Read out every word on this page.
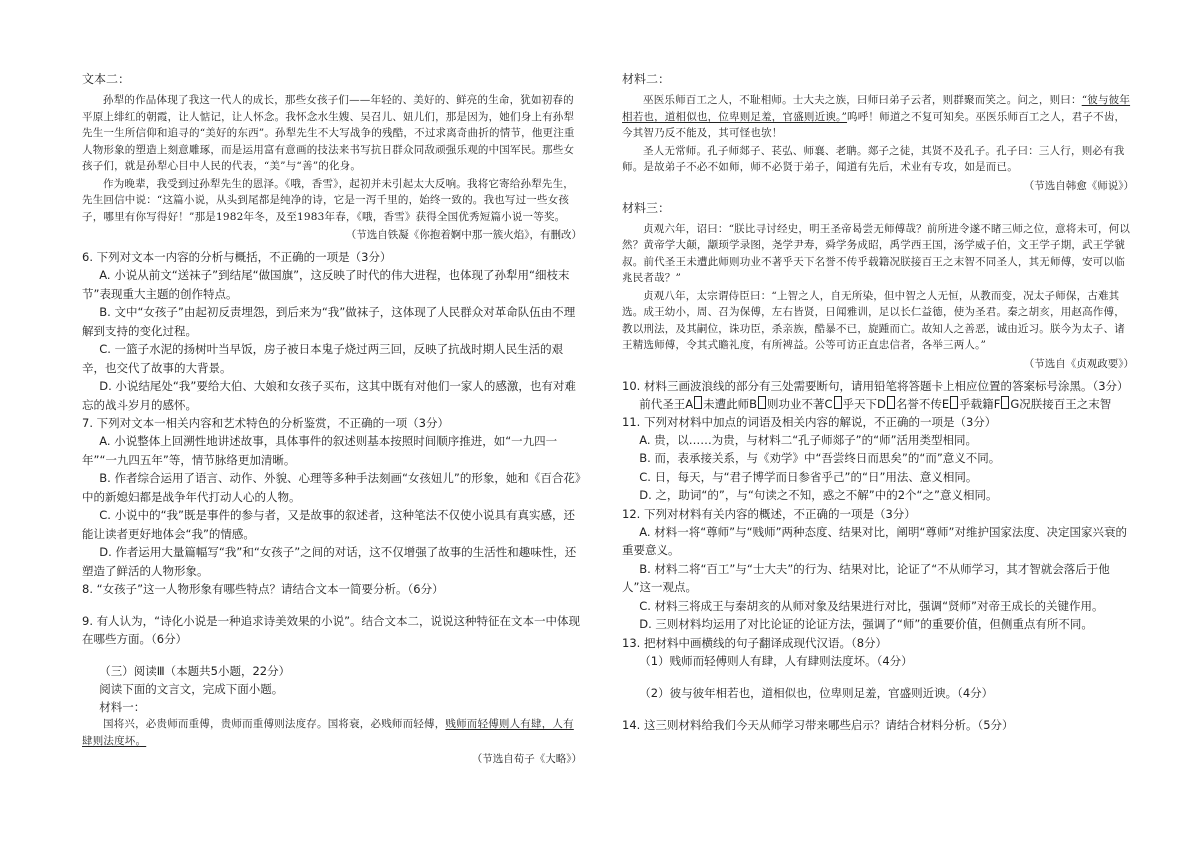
文本二：

孙犁的作品体现了我这一代人的成长，那些女孩子们——年轻的、美好的、鲜亮的生命，犹如初春的平原上绯红的朝霞，让人惦记，让人怀念。我怀念水生嫂、吴召儿、妞儿们，那是因为，她们身上有孙犁先生一生所信仰和追寻的“美好的东西”。孙犁先生不大写战争的残酷，不过求离奇曲折的情节，他更注重人物形象的塑造上刻意雕琢，而是运用富有意画的技法来书写抗日群众同敌顽强乐观的中国军民。那些女孩子们，就是孙犁心目中人民的代表，“美”与“善”的化身。

作为晚辈，我受到过孙犁先生的恩泽。《哦，香雪》，起初并未引起太大反响。我将它寄给孙犁先生，先生回信中说：“这篇小说，从头到尾都是纯净的诗，它是一泻千里的，始终一致的。我也写过一些女孩子，哪里有你写得好！”那是1982年冬，及至1983年春，《哦，香雪》获得全国优秀短篇小说一等奖。

（节选自铁凝《你抱着婀中那一簇火焰》，有删改）

6. 下列对文本一内容的分析与概括，不正确的一项是（3分）

A. 小说从前文“送袜子”到结尾“做国旗”，这反映了时代的伟大进程，也体现了孙犁用“细枝末节”表现重大主题的创作特点。

B. 文中“女孩子”由起初反责埋怨，到后来为“我”做袜子，这体现了人民群众对革命队伍由不理解到支持的变化过程。

C. 一篮子水泥的扬树叶当早饭，房子被日本鬼子烧过两三回，反映了抗战时期人民生活的艰辛，也交代了故事的大背景。

D. 小说结尾处“我”要给大伯、大娘和女孩子买布，这其中既有对他们一家人的感激，也有对难忘的战斗岁月的感怀。

7. 下列对文本一相关内容和艺术特色的分析鉴赏，不正确的一项（3分）

A. 小说整体上回溯性地讲述故事，具体事件的叙述则基本按照时间顺序推进，如“一九四一年”“一九四五年”等，情节脉络更加清晰。

B. 作者综合运用了语言、动作、外貌、心理等多种手法刻画“女孩妞儿”的形象，她和《百合花》中的新媳妇都是战争年代打动人心的人物。

C. 小说中的“我”既是事件的参与者，又是故事的叙述者，这种笔法不仅使小说具有真实感，还能让读者更好地体会“我”的情感。

D. 作者运用大量篇幅写“我”和“女孩子”之间的对话，这不仅增强了故事的生活性和趣味性，还塑造了鲜活的人物形象。

8. “女孩子”这一人物形象有哪些特点？请结合文本一简要分析。（6分）

9. 有人认为，“诗化小说是一种追求诗美效果的小说”。结合文本二，说说这种特征在文本一中体现在哪些方面。（6分）

（三）阅读Ⅲ（本题共5小题，22分）

阅读下面的文言文，完成下面小题。

材料一：

国将兴，必贵师而重傅，贵师而重傅则法度存。国将衰，必贱师而轻傅，贱师而轻傅则人有肆，人有肆则法度坏。

（节选自荀子《大略》）

材料二：

巫医乐师百工之人，不耻相师。士大夫之族，曰师曰弟子云者，则群聚而笑之。问之，则曰：“彼与彼年相若也，道相似也，位卑则足羞，官盛则近谀。”呜呼！师道之不复可知矣。巫医乐师百工之人，君子不齿，今其智乃反不能及，其可怪也欤！

圣人无常师。孔子师郯子、苌弘、师襄、老聃。郯子之徒，其贤不及孔子。孔子曰：三人行，则必有我师。是故弟子不必不如师，师不必贤于弟子，闻道有先后，术业有专攻，如是而已。

（节选自韩愈《师说》）

材料三：

贞观六年，诏曰：“朕比寻讨经史，明王圣帝曷尝无师傅哉？前所进令遂不睹三师之位，意将未可，何以然？黄帝学大颠，颛顼学录图，尧学尹寿，舜学务成昭，禹学西王国，汤学威子伯，文王学子期，武王学虢叔。前代圣王未遭此师则功业不著乎天下名誉不传乎载籍况朕接百王之末智不同圣人，其无师傅，安可以临兆民者哉？”

贞观八年，太宗谓侍臣曰：“上智之人，自无所染，但中智之人无恒，从教而变，况太子师保，古难其选。成王幼小，周、召为保傅，左右皆贤，日闻雅训，足以长仁益德，使为圣君。秦之胡亥，用赵高作傅，教以刑法，及其嗣位，诛功臣，杀亲族，酷暴不已，旋踵而亡。故知人之善恶，诚由近习。朕今为太子、诸王精选师傅，令其式瞻礼度，有所裨益。公等可访正直忠信者，各举三两人。”

（节选自《贞观政要》）

10. 材料三画波浪线的部分有三处需要断句，请用铅笔将答题卡上相应位置的答案标号涂黑。（3分）

前代圣王A 未遭此师B 则功业不著C 乎天下D 名誉不传E 乎载籍F G况朕接百王之末智

11. 下列对材料中加点的词语及相关内容的解说，不正确的一项是（3分）

A. 贵，以……为贵，与材料二“孔子师郯子”的“师”活用类型相同。

B. 而，表承接关系，与《劝学》中“吾尝终日而思矣”的“而”意义不同。

C. 日，每天，与“君子博学而日参省乎己”的“日”用法、意义相同。

D. 之，助词“的”，与“句读之不知，惑之不解”中的2个“之”意义相同。

12. 下列对材料有关内容的概述，不正确的一项是（3分）

A. 材料一将“尊师”与“贱师”两种态度、结果对比，阐明“尊师”对维护国家法度、决定国家兴衰的重要意义。

B. 材料二将“百工”与“士大夫”的行为、结果对比，论证了“不从师学习，其才智就会落后于他人”这一观点。

C. 材料三将成王与秦胡亥的从师对象及结果进行对比，强调“贤师”对帝王成长的关键作用。

D. 三则材料均运用了对比论证的论证方法，强调了“师”的重要价值，但侧重点有所不同。

13. 把材料中画横线的句子翻译成现代汉语。（8分）

（1）贱师而轻傅则人有肆，人有肆则法度坏。（4分）

（2）彼与彼年相若也，道相似也，位卑则足羞，官盛则近谀。（4分）

14. 这三则材料给我们今天从师学习带来哪些启示？请结合材料分析。（5分）
